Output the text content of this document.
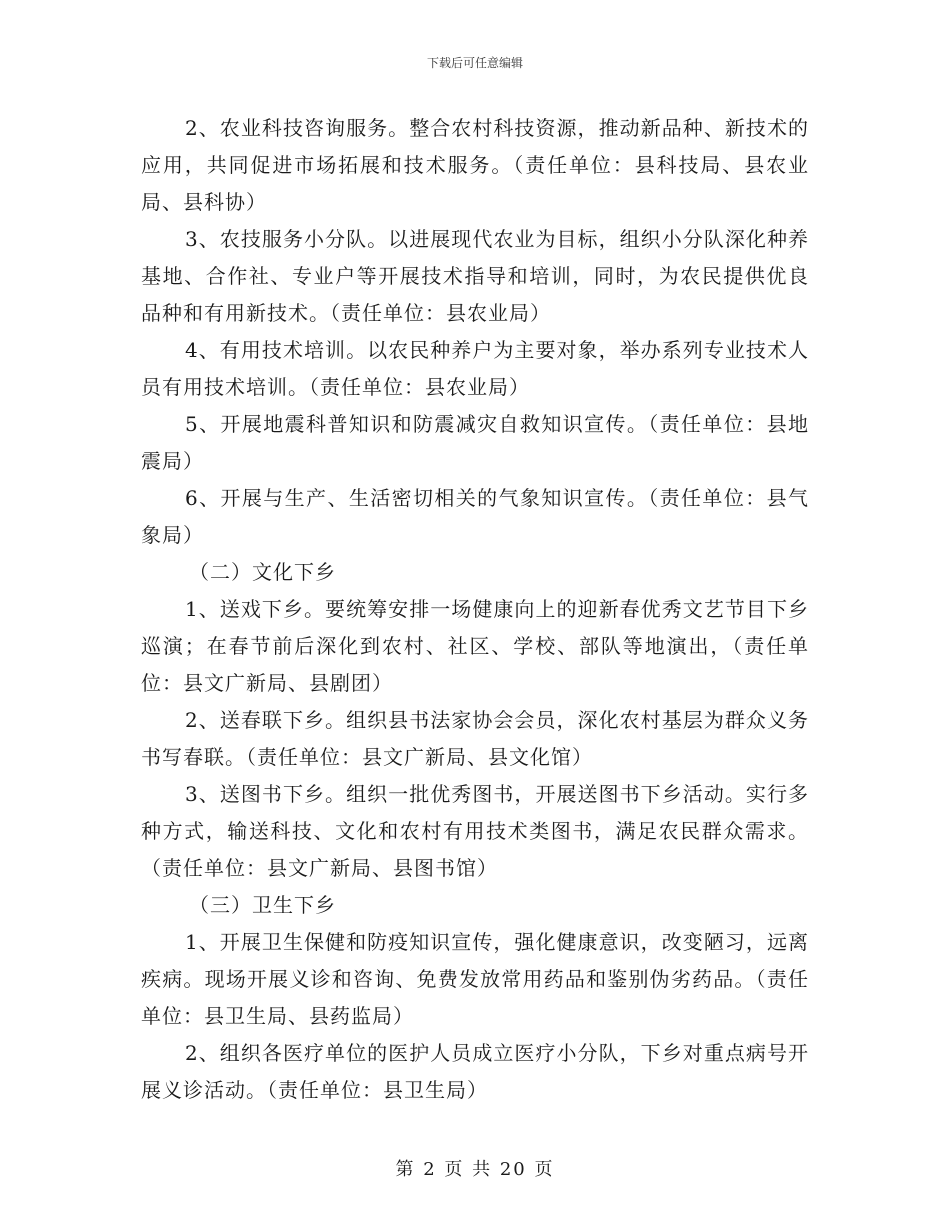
下载后可任意编辑

2、农业科技咨询服务。整合农村科技资源，推动新品种、新技术的应用，共同促进市场拓展和技术服务。（责任单位：县科技局、县农业局、县科协）

3、农技服务小分队。以进展现代农业为目标，组织小分队深化种养基地、合作社、专业户等开展技术指导和培训，同时，为农民提供优良品种和有用新技术。（责任单位：县农业局）

4、有用技术培训。以农民种养户为主要对象，举办系列专业技术人员有用技术培训。（责任单位：县农业局）

5、开展地震科普知识和防震减灾自救知识宣传。（责任单位：县地震局）

6、开展与生产、生活密切相关的气象知识宣传。（责任单位：县气象局）

（二）文化下乡

1、送戏下乡。要统筹安排一场健康向上的迎新春优秀文艺节目下乡巡演；在春节前后深化到农村、社区、学校、部队等地演出，（责任单位：县文广新局、县剧团）

2、送春联下乡。组织县书法家协会会员，深化农村基层为群众义务书写春联。（责任单位：县文广新局、县文化馆）

3、送图书下乡。组织一批优秀图书，开展送图书下乡活动。实行多种方式，输送科技、文化和农村有用技术类图书，满足农民群众需求。（责任单位：县文广新局、县图书馆）

（三）卫生下乡

1、开展卫生保健和防疫知识宣传，强化健康意识，改变陋习，远离疾病。现场开展义诊和咨询、免费发放常用药品和鉴别伪劣药品。（责任单位：县卫生局、县药监局）

2、组织各医疗单位的医护人员成立医疗小分队，下乡对重点病号开展义诊活动。（责任单位：县卫生局）

第 2 页 共 20 页
